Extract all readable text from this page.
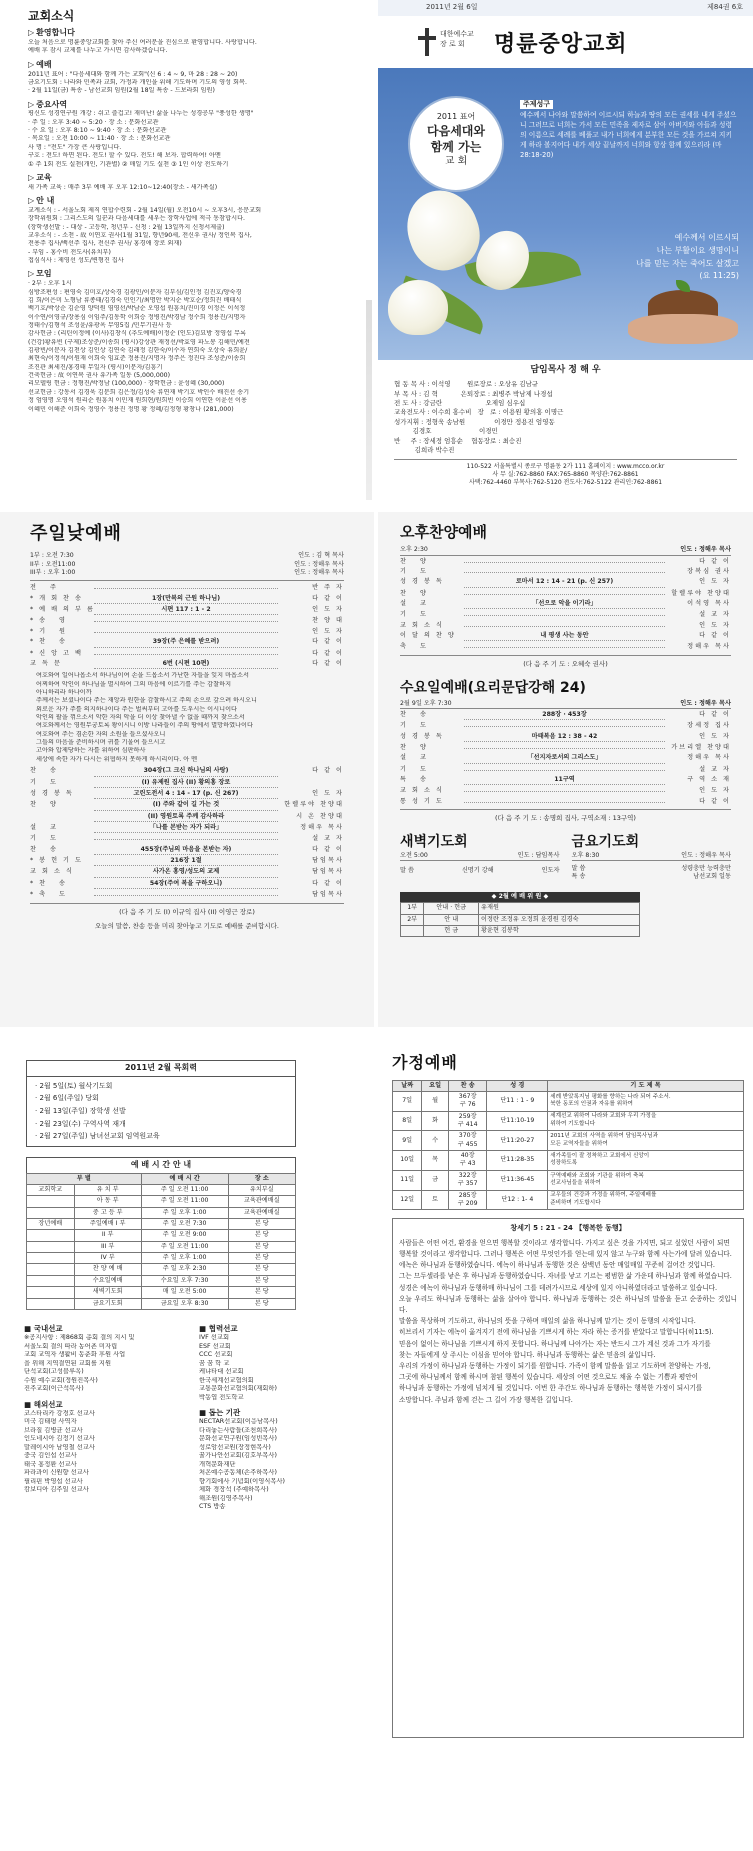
교회소식
▷ 환영합니다
오늘 처음으로 명륜중앙교회를 찾아 주신 여러분을 진심으로 환영합니다. 사랑합니다.
예배 후 잠시 교제를 나누고 가시면 감사하겠습니다.
▷ 예배
2011년 표어 : "다음세대와 함께 가는 교회"(신 6 : 4 ~ 9, 마 28 : 28 ~ 20)
금요기도회 : 나라와 민족과 교회, 가정과 개인을 위해 기도하며 기도의 영성 회복.
· 2월 11일(금) 특송 - 남선교회 임원(2월 18일 특송 - 드보라회 임원)
▷ 중요사역
평신도 성경연구원 개강 : 쉬고 즐겁고! 재미난! 삶을 나누는 성경공부 "풍성한 생명"
· 주 일 : 오후 3:40 ~ 5:20 · 장 소 : 문화선교관
· 수 요 일 : 오후 8:10 ~ 9:40 · 장 소 : 문화선교관
· 목요일 : 오전 10:00 ~ 11:40 · 장 소 : 문화선교관
사 명 : "전도" 가장 큰 사랑입니다.
구호 : 전도! 하면 된다. 전도! 할 수 있다. 전도! 해 보자. 합력하여! 아멘
① 주 1회 전도 실천(개인, 기관별) ② 매일 기도 실천 ③ 1인 이상 전도하기
▷ 교육
새 가족 교육 : 매주 3부 예배 후 오후 12:10~12:40(장소 - 새가족실)
▷ 안 내
교계소식 : - 서울노회 제직 연합수련회 - 2월 14일(월) 오전10시 ~ 오후3시, 응문교회
장학위원회 : 그리스도의 일꾼과 다음세대를 세우는 장학사업에 적극 동참합시다.
(장학생선발 : - 대상 - 고등학, 청년부 - 신청 : 2월 13일까지 신청서제출)
교우소식 : - 소천 - 故 이연호 권사(1월 31일, 향년90세, 전신우 권사/ 정인복 집사,
전용주 집사/백선주 집사, 전신주 권사/ 홍경애 장로 외재)
- 부임 - 홍수비 전도사(유치부)
접심식사 : 제영선 성도/변형진 집사
▷ 모임
· 2부 : 오후 1시
심방조편성 : 편영숙 김미호/상숙경 김광민/이문자 김부심/김인정 김진호/양숙경
김 희/이은미 노형남 류종태/김경숙 민인기/최명안 박지순 박호순/정희진 배태식
백기호/박상순 김순영 양덕원 염영선/박남순 오영섭 원흥치/진미경 이정은 이석정
이수연/이영규/장용심 이임주/김동학 이희승 정병진/박경남 정수희 정용진/지명자
정태수/김형석 조성윤/유광옥 무영5집 /민무기권사 등
감사헌금 : (리틴이정예 (이사)김창식 (추도예배)이정순 (인도)김묘방 정영섭 무록
(건강)황유빈 (구제)조상준/이송희 (평시)강상관 재정선/박효영 파노봉 김해민/예전
김광빈/이문자 김천상 김인상 김연숙 김래정 김한숙/이수자 연희숙 오상숙 유희윤/
최현숙/이정석/이원재 이희숙 임효준 정용진/지명자 정주은 정진다 조성준/이송희
조진관 최세진/홍경태 무일자 (평시)이문자/김흥기
건축헌금 : 故 이연복 권사 유가족 일동 (5,000,000)
리모델링 헌금 : 정형진/박정남 (100,000) · 장학헌금 : 윤성혜 (30,000)
선교헌금 : 강동서 김경욱 김문희 김은정/김성숙 류연재 박기호 박인수 배진선 송기
정 엄영명 오영석 원리순 원흥치 이민재 원희현/원희빈 이승희 이연한 이윤선 이용
이혜민 이해준 이희숙 정영수 정용진 정명 황 정혜/김정형 황창나 (281,000)
2011년 2월 6일	제84권 6호
대한예수교
장 로 회	명륜중앙교회
2011 표어
다음세대와
함께 가는
교 회
주제성구
예수께서 나아와 말씀하여 이르시되 하늘과 땅의 모든 권세를 내게 주셨으니 그러므로 너희는 가서 모든 민족을 제자로 삼아 아버지와 아들과 성령의 이름으로 세례를 베풀고 내가 너희에게 분부한 모든 것을 가르쳐 지키게 하라 볼지어다 내가 세상 끝날까지 너희와 항상 함께 있으리라 (마28:18-20)
예수께서 이르시되
나는 부활이요 생명이니
나를 믿는 자는 죽어도 살겠고
(요 11:25)
담임목사 정 해 우
협 동 목 사 : 이석영        원로장로 : 오상유 김남규
부 목 사 : 김 혁           은퇴장로 : 최병주 박남제 나경섭
전 도 사 : 강금란                     오제임 심우십
교육전도사 : 이수희 홍수비   장   로 : 이용원 황의홍 이명근
성가지휘 : 정형욱 송남원              이경만 정용진 엄영동
김경호                       이경민
반     주 : 장세정 엄흥순    협동장로 : 최승진
김희라 박수진
110-522 서울특별시 종로구 명륜동 2가 111 홈페이지 : www.mcco.or.kr
사 무 실:762-8860 FAX:765-8860 목양관:762-8861
사택:762-4460 부목사:762-5120 전도사:762-5122 관리인:762-8861
주일낮예배
1부 : 오전 7:30
II부 : 오전11:00
III부 : 오후 1:00
인도 : 김 혁 목사
인도 : 정해우 목사
인도 : 정해우 목사
전 주	반 주 자
*개회찬송	1장(만복의 근원 하나님)	다 같 이
*예배의부름	시편 117 : 1 - 2	인 도 자
*송 영	찬 양 대
*기 원	인 도 자
*찬 송	39장(주 은혜를 받으려)	다 같 이
*신앙고백	다 같 이
교독문	6번 (시편 10편)	다 같 이
여호와여 일어나옵소서 하나님이여 손을 드옵소서 가난한 자들을 잊지 마옵소서
어찌하여 악인이 하나님을 멸시하여 그의 마음에 이르기를 주는 감찰하지
아니하리라 하나이까
주께서는 보셨나이다 주는 재앙과 원한을 감찰하시고 주의 손으로 갚으려 하시오니
외로운 자가 주를 의지하나이다 주는 벌써부터 고아를 도우시는 이시니이다
악인의 팔을 꺾으소서 악한 자의 악을 더 이상 찾아낼 수 없을 때까지 찾으소서
여호와께서는 영원무궁토록 왕이시니 이방 나라들이 주의 땅에서 멸망하였나이다
여호와여 주는 겸손한 자의 소원을 들으셨사오니
그들의 마음을 준비하시며 귀를 기울여 들으시고
고아와 압제당하는 자를 위하여 심판하사
세상에 속한 자가 다시는 위협하지 못하게 하시리이다. 아 멘
찬 송	304장(그 크신 하나님의 사랑)	다 같 이
기 도	(I) 유제원 집사 (II) 황의홍 장로
성경봉독	고린도전서 4 : 14 - 17 (p. 신 267)	인 도 자
찬 양	(I) 주와 같이 길 가는 것	한렐루야 찬양대
(II) 영원토록 주께 감사하라	시 온 찬양대
설 교	「나를 본받는 자가 되라」	정해우 목사
기 도	설 교 자
찬 송	455장(주님의 마음을 본받는 자)	다 같 이
*봉헌기도	216장 1절	담임목사
교회소식	사가온 홍영/성도의 교제	담임목사
*찬 송	54장(주여 복을 구하오니)	다 같 이
*축 도	담임목사
(다 음 주 기 도 (I) 이규익 집사 (II) 이영근 장로)
오늘의 말씀, 찬송 등을 미리 찾아놓고 기도로 예배를 준비합시다.
오후찬양예배
오후 2:30	인도 : 정해우 목사
찬 양	다 같 이
기 도	장복심 권사
성경봉독	로마서 12 : 14 - 21 (p. 신 257)	인 도 자
찬 양	할렐루야 찬양대
설 교	「선으로 악을 이기라」	이석영 목사
기 도	설 교 자
교회소식	인 도 자
이달의찬양	내 평생 사는 동안	다 같 이
축 도	정해우 목사
(다 음 주 기 도 : 오혜숙 권사)
수요일예배(요리문답강해 24)
2월 9일 오후 7:30	인도 : 정해우 목사
찬 송	288장 · 453장	다 같 이
기 도	장세정 집사
성경봉독	마태복음 12 : 38 - 42	인 도 자
찬 양	가브리엘 찬양대
설 교	「선지자로서의 그리스도」	정해우 목사
기 도	설 교 자
특 송	11구역	구 역 소 재
교회소식	인 도 자
통성기도	다 같 이
(다 음 주 기 도 : 송명희 집사, 구역소재 : 13구역)
새벽기도회
오전 5:00	인도 : 담임목사
말 씀	신명기 강해	인도자
금요기도회
오후 8:30	인도 : 정해우 목사
말 씀	성령충만 능력충만
특 송	남선교회 일동
◆ 2월 예 배 위 원 ◆
1부	안내 · 헌금	유재원
2부	안 내	이정란 조정유 오정희 윤경원 김경숙
	헌 금	황윤현 김봉학
2011년 2월 목회력
· 2월 5일(토) 월삭기도회
· 2월 6일(주일) 당회
· 2월 13일(주일) 장학생 선발
· 2월 23일(수) 구역사역 재개
· 2월 27일(주일) 남녀선교회 임역원교육
예 배 시 간 안 내
부 별		예 배 시 간	장 소
교회학교	유 치 부	주 일 오전 11:00	유치부실
	아 동 부	주 일 오전 11:00	교육관예배실
	중 고 등 부	주 일 오후 1:00	교육관예배실
장년예배	주일예배 I 부	주 일 오전 7:30	본 당
	II 부	주 일 오전 9:00	본 당
	III 부	주 일 오전 11:00	본 당
	IV 부	주 일 오후 1:00	본 당
	찬 양 예 배	주 일 오후 2:30	본 당
	수요일예배	수요일 오후 7:30	본 당
	새벽기도회	매 일 오전 5:00	본 당
	금요기도회	금요일 오후 8:30	본 당
■ 국내선교
※공지사항 : 제868회 총회 결의 지시 및
서울노회 결의 따라 농어촌 미자립
교회 교역자 생활비 동춘화 후원 사업
을 위해 지역결연된 교회를 지원
단석교회(고성블루옥)
수원 예수교회(정원진목사)
진주교회(이근석목사)
■ 해외선교
코스타리카 강경호 선교사
미국 김태평 사역자
브라질 김병균 선교사
인도네시아 김정기 선교사
말레이시아 남영철 선교사
중국 김인섭 선교사
태국 홍정환 선교사
파라과이 신원향 선교사
필리핀 박영섭 선교사
캄보디아 김주일 선교사
■ 협력선교
IVF 선교회
ESF 선교회
CCC 선교회
꿈 꿈 학 교
케냐타대 선교회
한국세계선교협의회
교통문화선교협의회(재회하)
박동엽 전도학교
■ 돕는 기관
NECTAR선교회(이응남목사)
다리놓는사람들(조천희목사)
문화선교연구원(임성빈목사)
성로암선교원(장정현목사)
꿀가나안선교회(김호부목사)
개혁문화재단
처온예수공동체(손주하목사)
향기회에사 기념회(이영식목사)
체화 경장석 (주예하목사)
해조원(김영주목사)
CTS 방송
가정예배
날짜	요일	찬 송	성 경	기 도 제 목
7일	월	367장
구 76	단11 : 1 - 9	세례 받았록지님 평화를 향하는 나라 되어 주소서.
북한 동포의 인권과 자유를 위하여
8일	화	259장
구 414	단11:10-19	세계선교 위하여 나라와 교회와 우리 가정을
위하여 기도합니다
9일	수	370장
구 455	단11:20-27	2011년 교회의 사역을 위하여 담임목사님과
모든 교역자들을 위하여
10일	목	40장
구 43	단11:28-35	새가족들이 잘 정착하고 교회에서 신앙이
성장하도록
11일	금	322장
구 357	단11:36-45	구역예배와 조회와 기관을 위하여 축복
선교사님들을 위하여
12일	토	285장
구 209	단12 : 1- 4	교우들의 건강과 가정을 위하여, 주일예배를
준비하며 기도합시다
창세기 5 : 21 - 24 【행복한 동행】
사람들은 어떤 여건, 환경을 얻으면 행복할 것이라고 생각합니다. 가지고 싶은 것을 가지면, 되고 싶었던 사람이 되면
행복할 것이라고 생각합니다. 그러나 행복은 어떤 무엇인가를 얻는데 있지 않고 누구와 함께 사는가에 달려 있습니다.
에녹은 하나님과 동행하였습니다. 에녹이 하나님과 동행한 것은 삼백년 동안 매일매일 꾸준히 걸어간 것입니다.
그는 므두셀라를 낳은 후 하나님과 동행하였습니다. 자녀를 낳고 기르는 평범한 삶 가운데 하나님과 함께 하였습니다.
성경은 에녹이 하나님과 동행하매 하나님이 그를 데려가시므로 세상에 있지 아니하였더라고 말씀하고 있습니다.
오늘 우리도 하나님과 동행하는 삶을 살아야 합니다. 하나님과 동행하는 것은 하나님의 말씀을 듣고 순종하는 것입니다.
말씀을 묵상하며 기도하고, 하나님의 뜻을 구하며 매일의 삶을 하나님께 맡기는 것이 동행의 시작입니다.
히브리서 기자는 에녹이 옮겨지기 전에 하나님을 기쁘시게 하는 자라 하는 증거를 받았다고 말합니다(히11:5).
믿음이 없이는 하나님을 기쁘시게 하지 못합니다. 하나님께 나아가는 자는 반드시 그가 계신 것과 그가 자기를
찾는 자들에게 상 주시는 이심을 믿어야 합니다. 하나님과 동행하는 삶은 믿음의 삶입니다.
우리의 가정이 하나님과 동행하는 가정이 되기를 원합니다. 가족이 함께 말씀을 읽고 기도하며 찬양하는 가정,
그곳에 하나님께서 함께 하시며 참된 행복이 있습니다. 세상의 어떤 것으로도 채울 수 없는 기쁨과 평안이
하나님과 동행하는 가정에 넘치게 될 것입니다. 이번 한 주간도 하나님과 동행하는 행복한 가정이 되시기를
소망합니다. 주님과 함께 걷는 그 길이 가장 행복한 길입니다.
